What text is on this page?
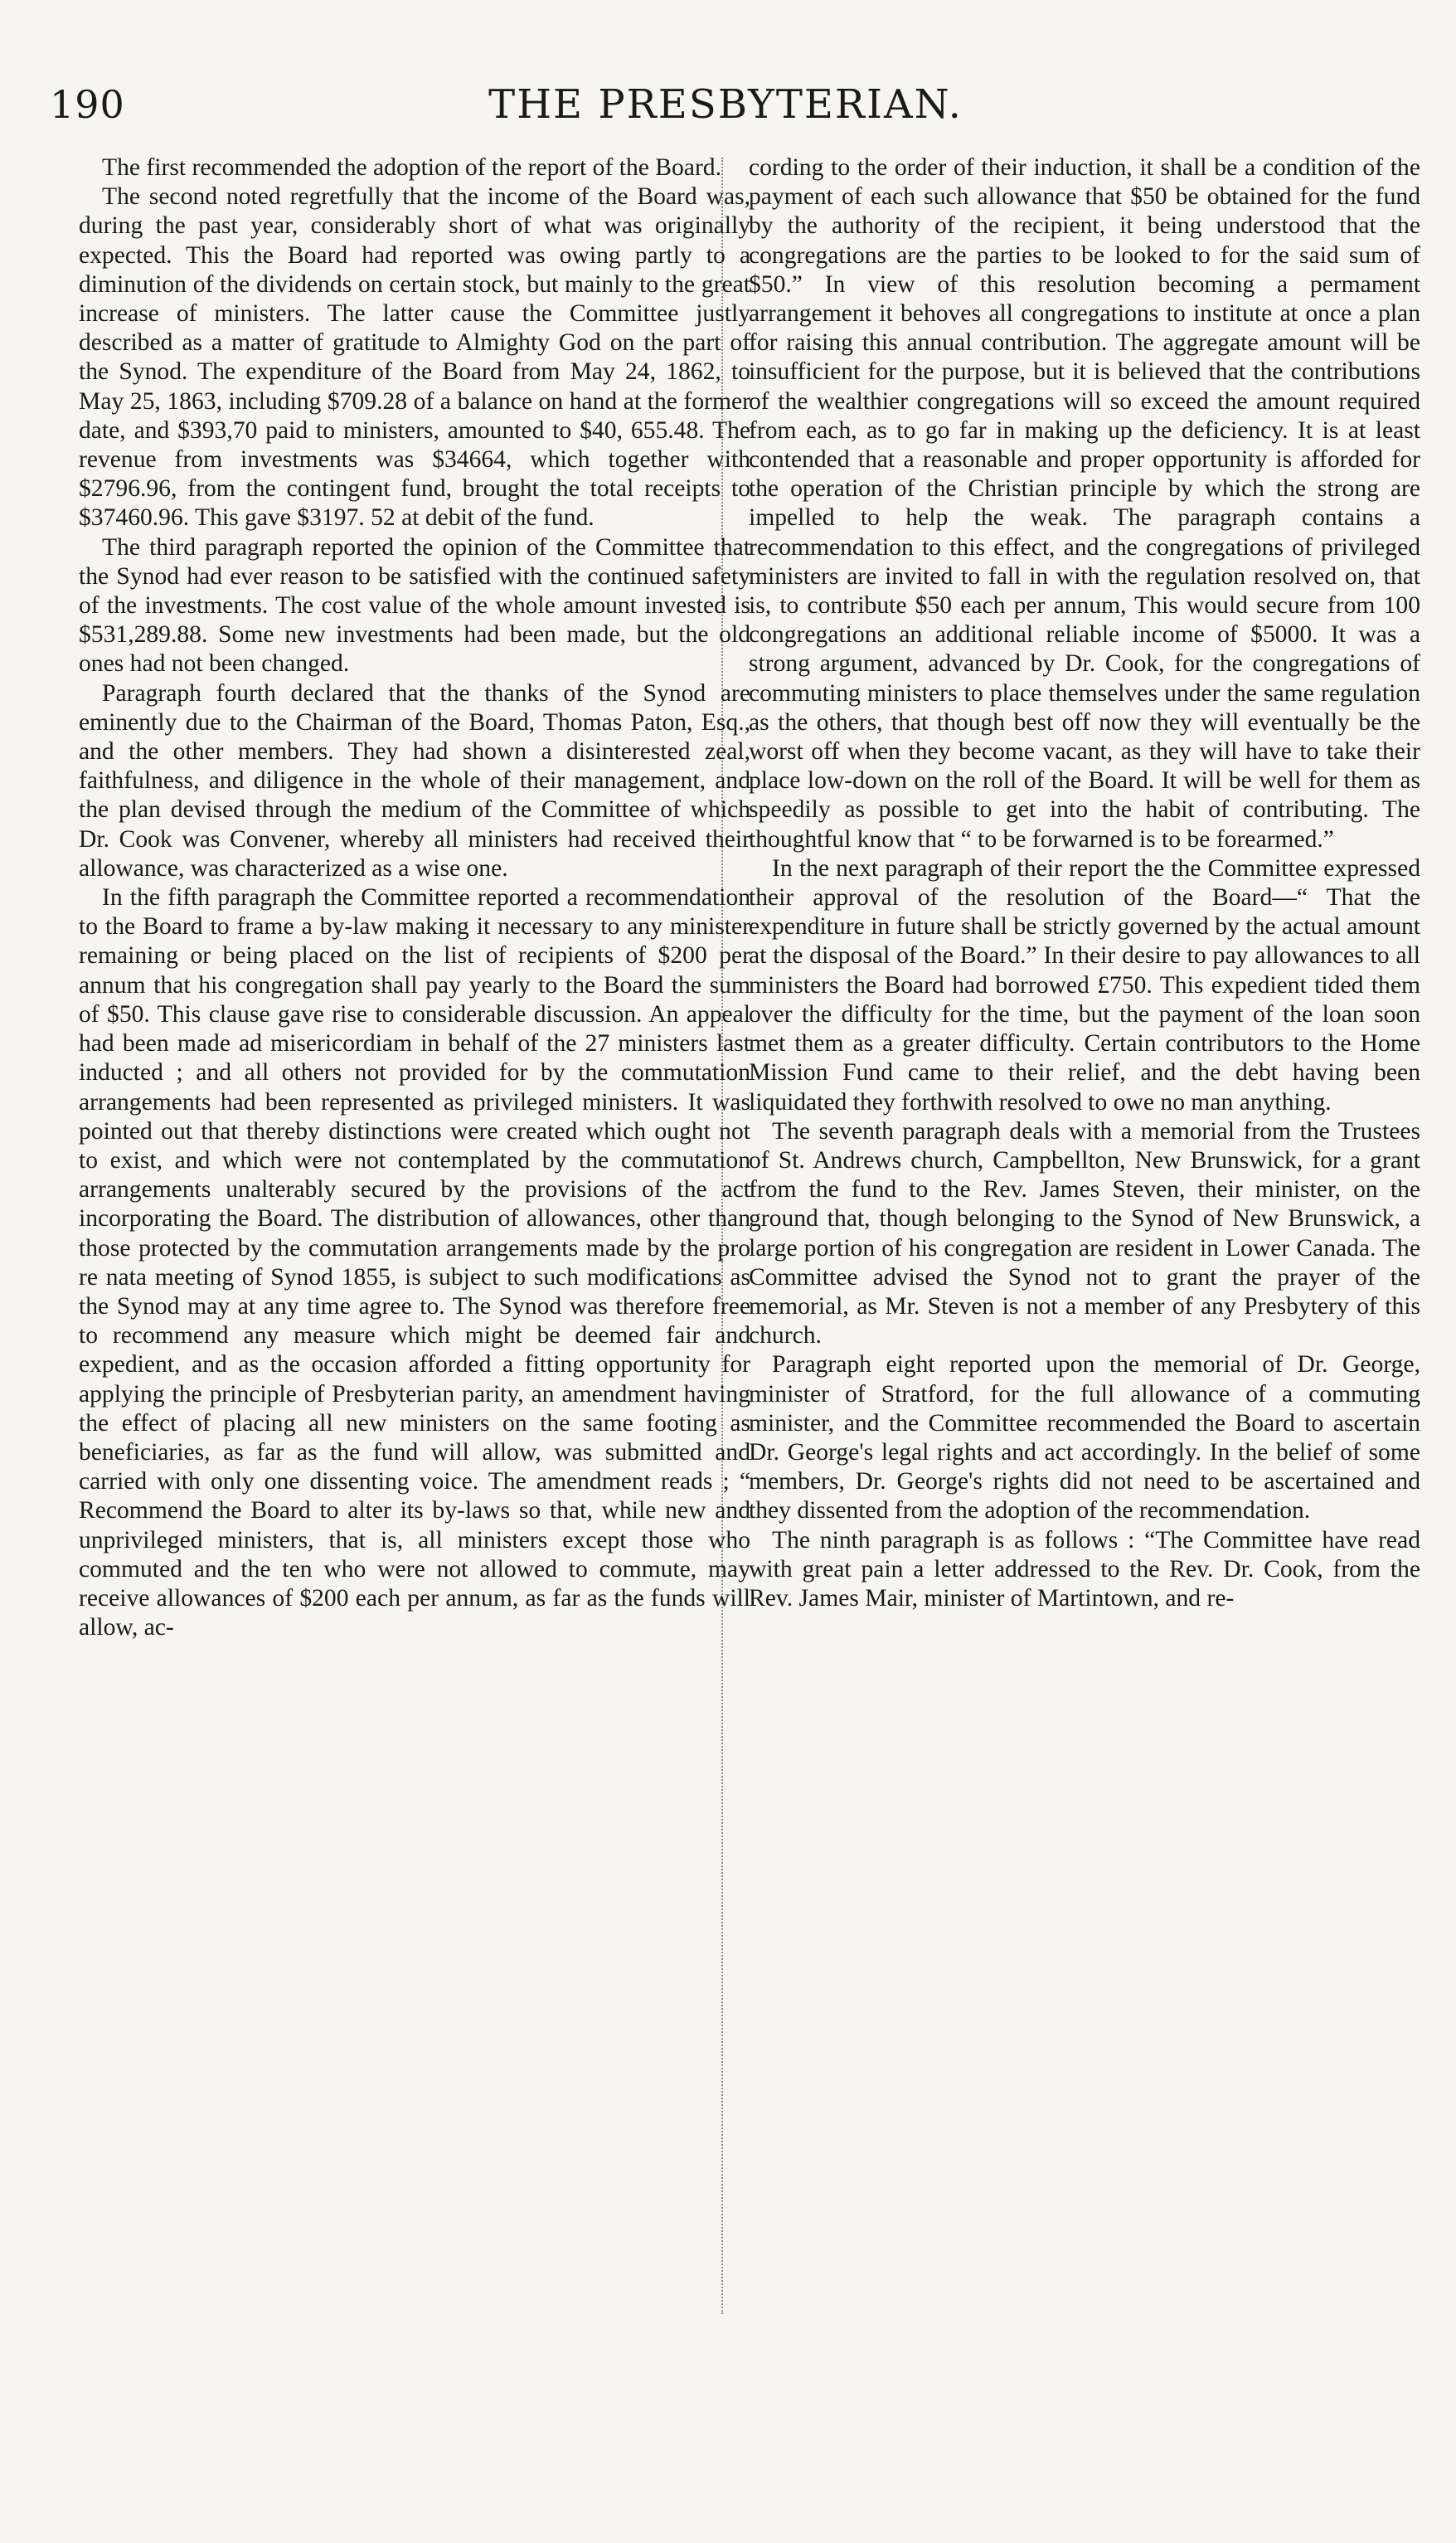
190	THE PRESBYTERIAN.

The first recommended the adoption of the report of the Board.

The second noted regretfully that the income of the Board was, during the past year, considerably short of what was originally expected. This the Board had reported was owing partly to a diminution of the dividends on certain stock, but mainly to the great increase of ministers. The latter cause the Committee justly described as a matter of gratitude to Almighty God on the part of the Synod. The expenditure of the Board from May 24, 1862, to May 25, 1863, including $709.28 of a balance on hand at the former date, and $393,70 paid to ministers, amounted to $40, 655.48. The revenue from investments was $34664, which together with $2796.96, from the contingent fund, brought the total receipts to $37460.96. This gave $3197. 52 at debit of the fund.

The third paragraph reported the opinion of the Committee that the Synod had ever reason to be satisfied with the continued safety of the investments. The cost value of the whole amount invested is $531,289.88. Some new investments had been made, but the old ones had not been changed.

Paragraph fourth declared that the thanks of the Synod are eminently due to the Chairman of the Board, Thomas Paton, Esq., and the other members. They had shown a disinterested zeal, faithfulness, and diligence in the whole of their management, and the plan devised through the medium of the Committee of which Dr. Cook was Convener, whereby all ministers had received their allowance, was characterized as a wise one.

In the fifth paragraph the Committee reported a recommendation to the Board to frame a by-law making it necessary to any minister remaining or being placed on the list of recipients of $200 per annum that his congregation shall pay yearly to the Board the sum of $50. This clause gave rise to considerable discussion. An appeal had been made ad misericordiam in behalf of the 27 ministers last inducted ; and all others not provided for by the commutation arrangements had been represented as privileged ministers. It was pointed out that thereby distinctions were created which ought not to exist, and which were not contemplated by the commutation arrangements unalterably secured by the provisions of the act incorporating the Board. The distribution of allowances, other than those protected by the commutation arrangements made by the pro re nata meeting of Synod 1855, is subject to such modifications as the Synod may at any time agree to. The Synod was therefore free to recommend any measure which might be deemed fair and expedient, and as the occasion afforded a fitting opportunity for applying the principle of Presbyterian parity, an amendment having the effect of placing all new ministers on the same footing as beneficiaries, as far as the fund will allow, was submitted and carried with only one dissenting voice. The amendment reads ; “ Recommend the Board to alter its by-laws so that, while new and unprivileged ministers, that is, all ministers except those who commuted and the ten who were not allowed to commute, may receive allowances of $200 each per annum, as far as the funds will allow, ac-

cording to the order of their induction, it shall be a condition of the payment of each such allowance that $50 be obtained for the fund by the authority of the recipient, it being understood that the congregations are the parties to be looked to for the said sum of $50.” In view of this resolution becoming a permament arrangement it behoves all congregations to institute at once a plan for raising this annual contribution. The aggregate amount will be insufficient for the purpose, but it is believed that the contributions of the wealthier congregations will so exceed the amount required from each, as to go far in making up the deficiency. It is at least contended that a reasonable and proper opportunity is afforded for the operation of the Christian principle by which the strong are impelled to help the weak. The paragraph contains a recommendation to this effect, and the congregations of privileged ministers are invited to fall in with the regulation resolved on, that is, to contribute $50 each per annum, This would secure from 100 congregations an additional reliable income of $5000. It was a strong argument, advanced by Dr. Cook, for the congregations of commuting ministers to place themselves under the same regulation as the others, that though best off now they will eventually be the worst off when they become vacant, as they will have to take their place low-down on the roll of the Board. It will be well for them as speedily as possible to get into the habit of contributing. The thoughtful know that “ to be forwarned is to be forearmed.”

In the next paragraph of their report the the Committee expressed their approval of the resolution of the Board—“ That the expenditure in future shall be strictly governed by the actual amount at the disposal of the Board.” In their desire to pay allowances to all ministers the Board had borrowed £750. This expedient tided them over the difficulty for the time, but the payment of the loan soon met them as a greater difficulty. Certain contributors to the Home Mission Fund came to their relief, and the debt having been liquidated they forthwith resolved to owe no man anything.

The seventh paragraph deals with a memorial from the Trustees of St. Andrews church, Campbellton, New Brunswick, for a grant from the fund to the Rev. James Steven, their minister, on the ground that, though belonging to the Synod of New Brunswick, a large portion of his congregation are resident in Lower Canada. The Committee advised the Synod not to grant the prayer of the memorial, as Mr. Steven is not a member of any Presbytery of this church.

Paragraph eight reported upon the memorial of Dr. George, minister of Stratford, for the full allowance of a commuting minister, and the Committee recommended the Board to ascertain Dr. George's legal rights and act accordingly. In the belief of some members, Dr. George's rights did not need to be ascertained and they dissented from the adoption of the recommendation.

The ninth paragraph is as follows : “The Committee have read with great pain a letter addressed to the Rev. Dr. Cook, from the Rev. James Mair, minister of Martintown, and re-
